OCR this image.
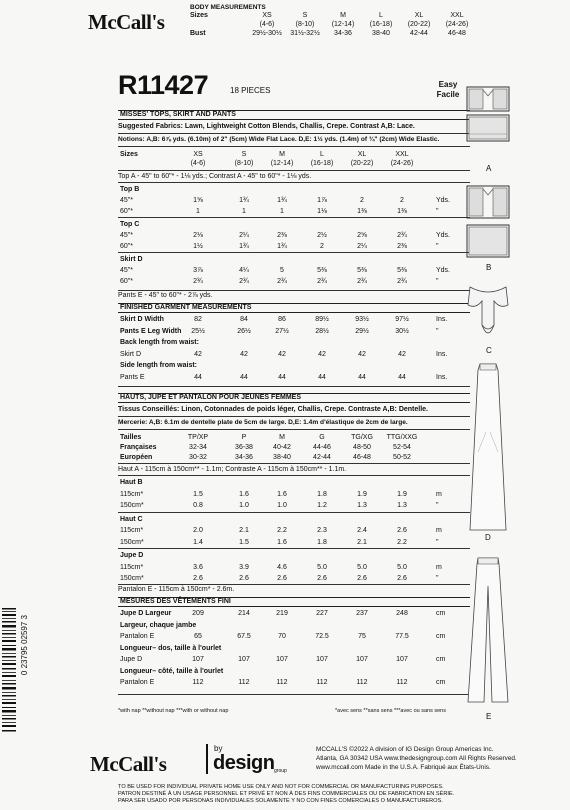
McCall's
BODY MEASUREMENTS
Sizes	XS	S	M	L	XL	XXL
(4-6)	(8-10)	(12-14)	(16-18)	(20-22)	(24-26)
Bust	29½-30½	31½-32½	34-36	38-40	42-44	46-48
R11427	18 PIECES
Easy
Facile
MISSES' TOPS, SKIRT AND PANTS
Suggested Fabrics: Lawn, Lightweight Cotton Blends, Challis, Crepe. Contrast A,B: Lace.
Notions: A,B: 6⅞ yds. (6.10m) of 2" (5cm) Wide Flat Lace. D,E: 1½ yds. (1.4m) of ¾" (2cm) Wide Elastic.
Sizes	XS	S	M	L	XL	XXL
(4-6)	(8-10)	(12-14)	(16-18)	(20-22)	(24-26)
Top A - 45" to 60"* - 1⅛ yds.; Contrast A - 45" to 60"* - 1⅛ yds.
Top B
45"*	1⅝	1¾	1¾	1⅞	2	2	Yds.
60"*	1	1	1	1⅛	1⅜	1⅜	"
Top C
45"*	2⅛	2¼	2⅜	2½	2⅝	2¾	Yds.
60"*	1½	1¾	1¾	2	2¼	2⅜	"
Skirt D
45"*	3⅞	4¼	5	5⅜	5⅜	5⅜	Yds.
60"*	2¾	2¾	2¾	2¾	2¾	2¾	"
Pants E - 45" to 60"* - 2⅞ yds.
FINISHED GARMENT MEASUREMENTS
Skirt D Width	82	84	86	89½	93½	97½	Ins.
Pants E Leg Width	25½	26½	27½	28½	29½	30½	"
Back length from waist:
Skirt D	42	42	42	42	42	42	Ins.
Side length from waist:
Pants E	44	44	44	44	44	44	Ins.
HAUTS, JUPE ET PANTALON POUR JEUNES FEMMES
Tissus Conseillés: Linon, Cotonnades de poids léger, Challis, Crepe. Contraste A,B: Dentelle.
Mercerie: A,B: 6.1m de dentelle plate de 5cm de large. D,E: 1.4m d'élastique de 2cm de large.
Tailles	TP/XP	P	M	G	TG/XG	TTG/XXG
Françaises	32-34	36-38	40-42	44-46	48-50	52-54
Européen	30-32	34-36	38-40	42-44	46-48	50-52
Haut A - 115cm à 150cm** - 1.1m; Contraste A - 115cm à 150cm** - 1.1m.
Haut B
115cm*	1.5	1.6	1.6	1.8	1.9	1.9	m
150cm*	0.8	1.0	1.0	1.2	1.3	1.3	"
Haut C
115cm*	2.0	2.1	2.2	2.3	2.4	2.6	m
150cm*	1.4	1.5	1.6	1.8	2.1	2.2	"
Jupe D
115cm*	3.6	3.9	4.6	5.0	5.0	5.0	m
150cm*	2.6	2.6	2.6	2.6	2.6	2.6	"
Pantalon E - 115cm à 150cm* - 2.6m.
MESURES DES VÊTEMENTS FINI
Jupe D Largeur	209	214	219	227	237	248	cm
Largeur, chaque jambe
Pantalon E	65	67.5	70	72.5	75	77.5	cm
Longueur– dos, taille à l'ourlet
Jupe D	107	107	107	107	107	107	cm
Longueur– côté, taille à l'ourlet
Pantalon E	112	112	112	112	112	112	cm
*with nap **without nap ***with or without nap	*avec sens **sans sens ***avec ou sans sens
0 23795 02597 3
A
B
C
D
E
McCall's
by
design group
MCCALL'S ©2022 A division of IG Design Group Americas Inc.
Atlanta, GA 30342 USA www.thedesigngroup.com All Rights Reserved.
www.mccall.com Made in the U.S.A. Fabriqué aux États-Unis.
TO BE USED FOR INDIVIDUAL PRIVATE HOME USE ONLY AND NOT FOR COMMERCIAL OR MANUFACTURING PURPOSES.
PATRON DESTINÉ À UN USAGE PERSONNEL ET PRIVÉ ET NON À DES FINS COMMERCIALES OU DE FABRICATION EN SÉRIE.
PARA SER USADO POR PERSONAS INDIVIDUALES SOLAMENTE Y NO CON FINES COMERCIALES O MANUFACTUREROS.
